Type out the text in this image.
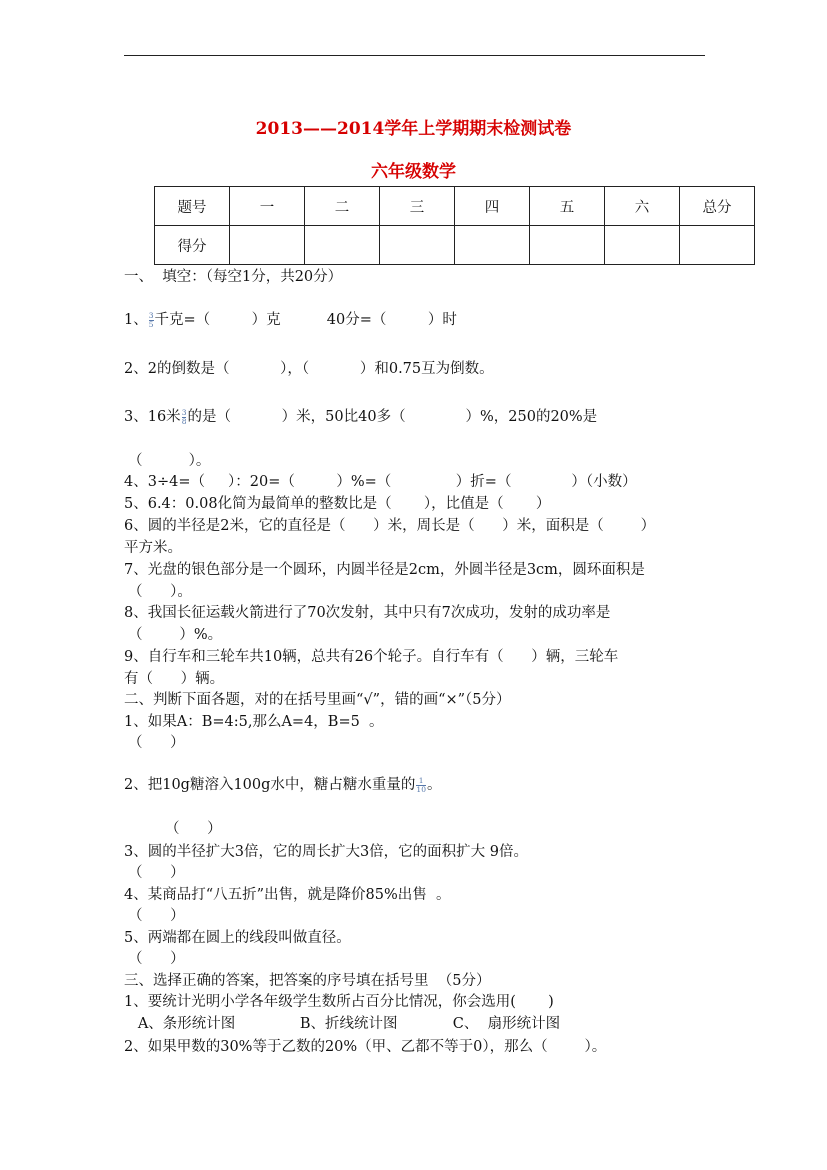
2013——2014学年上学期期末检测试卷
六年级数学
题号	一	二	三	四	五	六	总分
得分							
一、  填空：（每空1分，共20分）
1、 $\frac{3}{5}$ 千克=（         ）克          40分=（         ）时
2、2的倒数是（           ），（           ）和0.75互为倒数。
3、16米 $\frac{3}{8}$ 的是（           ）米，50比40多（             ）%，250的20%是
（          ）。
4、3÷4=（     ）：20=（         ）%=（              ）折=（             ）（小数）
5、6.4：0.08化简为最简单的整数比是（       ），比值是（       ）
6、圆的半径是2米，它的直径是（      ）米，周长是（      ）米，面积是（        ）
平方米。
7、光盘的银色部分是一个圆环，内圆半径是2cm，外圆半径是3cm，圆环面积是
（      ）。
8、我国长征运载火箭进行了70次发射，其中只有7次成功，发射的成功率是
（        ）%。
9、自行车和三轮车共10辆，总共有26个轮子。自行车有（      ）辆，三轮车
有（      ）辆。
二、判断下面各题，对的在括号里画“√”，错的画“×”（5分）
1、如果A：B=4:5,那么A=4，B=5  。
（      ）
2、把10g糖溶入100g水中，糖占糖水重量的 $\frac{1}{10}$ 。
（      ）
3、圆的半径扩大3倍，它的周长扩大3倍，它的面积扩大 9倍。
（      ）
4、某商品打“八五折”出售，就是降价85%出售  。
（      ）
5、两端都在圆上的线段叫做直径。
（      ）
三、选择正确的答案，把答案的序号填在括号里  （5分）
1、要统计光明小学各年级学生数所占百分比情况，你会选用(       )
A、条形统计图              B、折线统计图            C、  扇形统计图
2、如果甲数的30%等于乙数的20%（甲、乙都不等于0），那么（        ）。
